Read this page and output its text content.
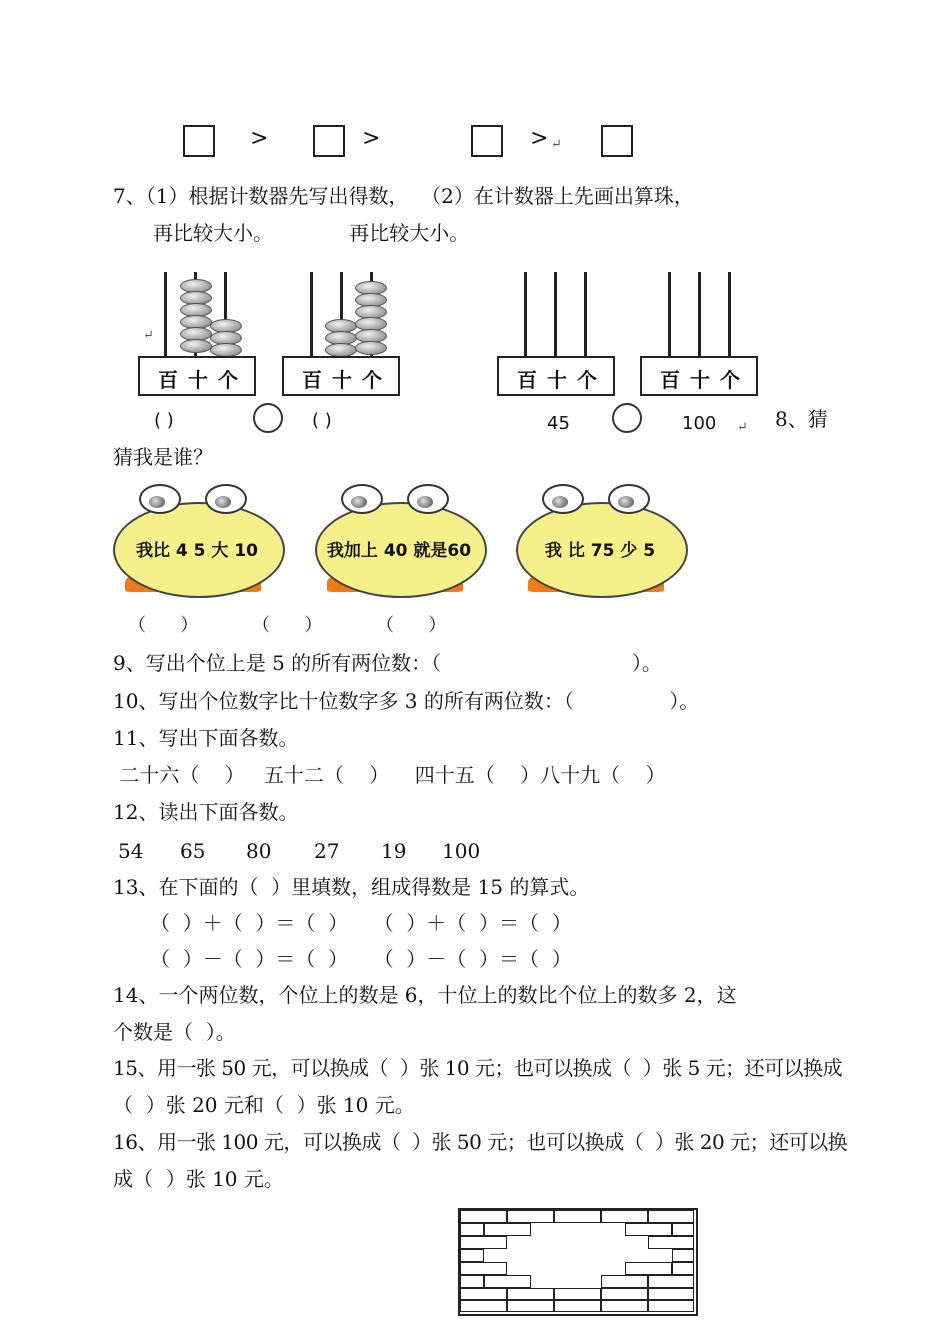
>	>	> ↵
7、（1）根据计数器先写出得数，  （2）在计数器上先画出算珠，
再比较大小。            再比较大小。
百 十 个
↵
百 十 个	百 十 个	百 十 个
( )	( )	45	100 ↵ 8、猜
猜我是谁？
我比 4 5 大 10	我加上 40 就是60	我 比 75 少 5
（      ）	（      ）	（      ）
9、写出个位上是 5 的所有两位数：（                              ）。
10、写出个位数字比十位数字多 3 的所有两位数：（               ）。
11、写出下面各数。
二十六（    ）   五十二（    ）    四十五（    ）八十九（    ）
12、读出下面各数。
54 65 80 27 19 100
13、在下面的（  ）里填数，组成得数是 15 的算式。
（  ）＋（  ）＝（  ）    （  ）＋（  ）＝（  ）
（  ）－（  ）＝（  ）    （  ）－（  ）＝（  ）
14、一个两位数，个位上的数是 6，十位上的数比个位上的数多 2，这
个数是（  ）。
15、用一张 50 元，可以换成（  ）张 10 元；也可以换成（  ）张 5 元；还可以换成
（  ）张 20 元和（  ）张 10 元。
16、用一张 100 元，可以换成（  ）张 50 元；也可以换成（  ）张 20 元；还可以换
成（  ）张 10 元。
